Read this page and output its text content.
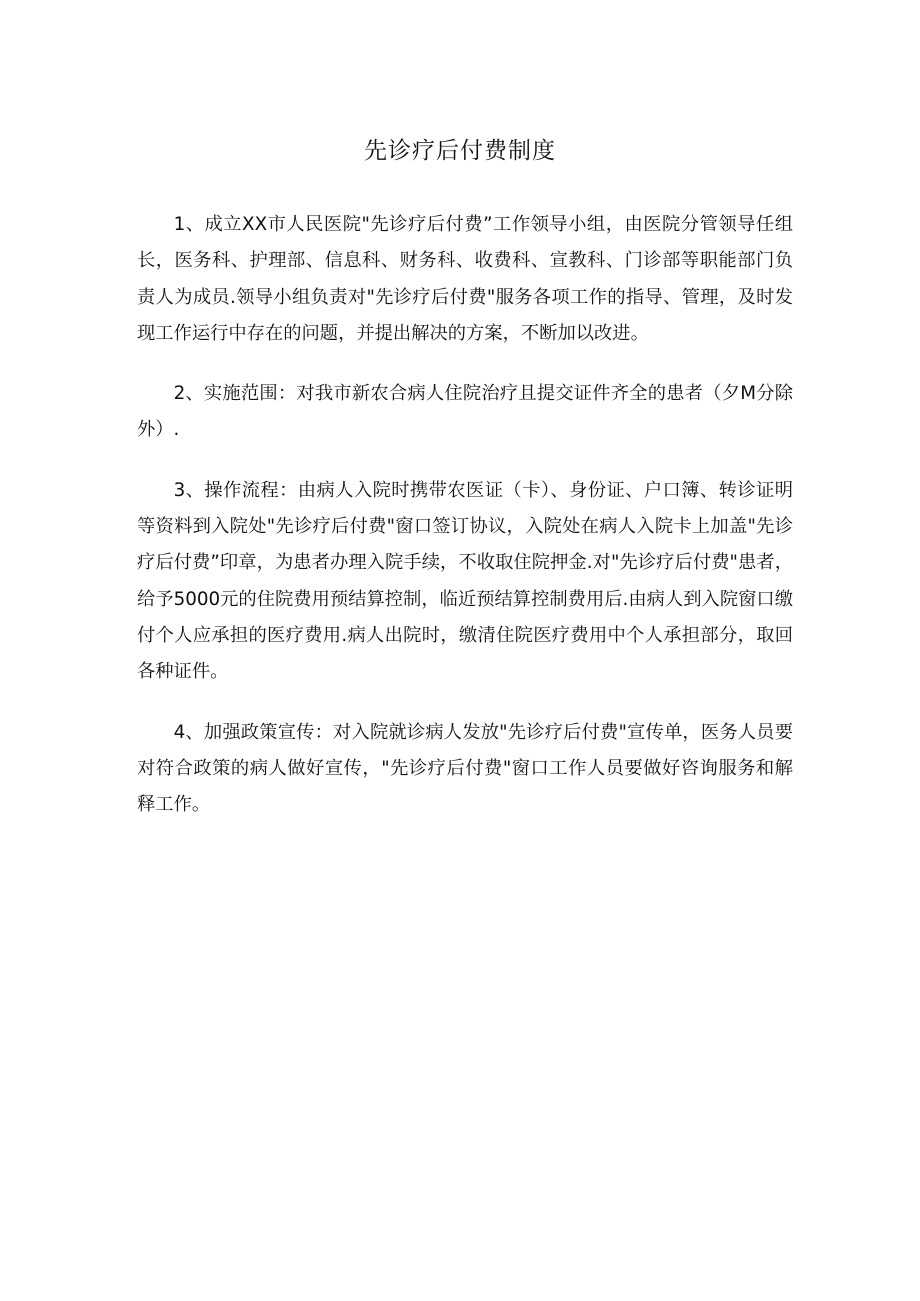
先诊疗后付费制度

1、成立XX市人民医院"先诊疗后付费”工作领导小组，由医院分管领导任组长，医务科、护理部、信息科、财务科、收费科、宣教科、门诊部等职能部门负责人为成员.领导小组负责对"先诊疗后付费"服务各项工作的指导、管理，及时发现工作运行中存在的问题，并提出解决的方案，不断加以改进。

2、实施范围：对我市新农合病人住院治疗且提交证件齐全的患者（夕M分除外）.

3、操作流程：由病人入院时携带农医证（卡）、身份证、户口簿、转诊证明等资料到入院处"先诊疗后付费"窗口签订协议，入院处在病人入院卡上加盖"先诊疗后付费”印章，为患者办理入院手续，不收取住院押金.对"先诊疗后付费"患者，给予5000元的住院费用预结算控制，临近预结算控制费用后.由病人到入院窗口缴付个人应承担的医疗费用.病人出院时，缴清住院医疗费用中个人承担部分，取回各种证件。

4、加强政策宣传：对入院就诊病人发放"先诊疗后付费"宣传单，医务人员要对符合政策的病人做好宣传，"先诊疗后付费"窗口工作人员要做好咨询服务和解释工作。
